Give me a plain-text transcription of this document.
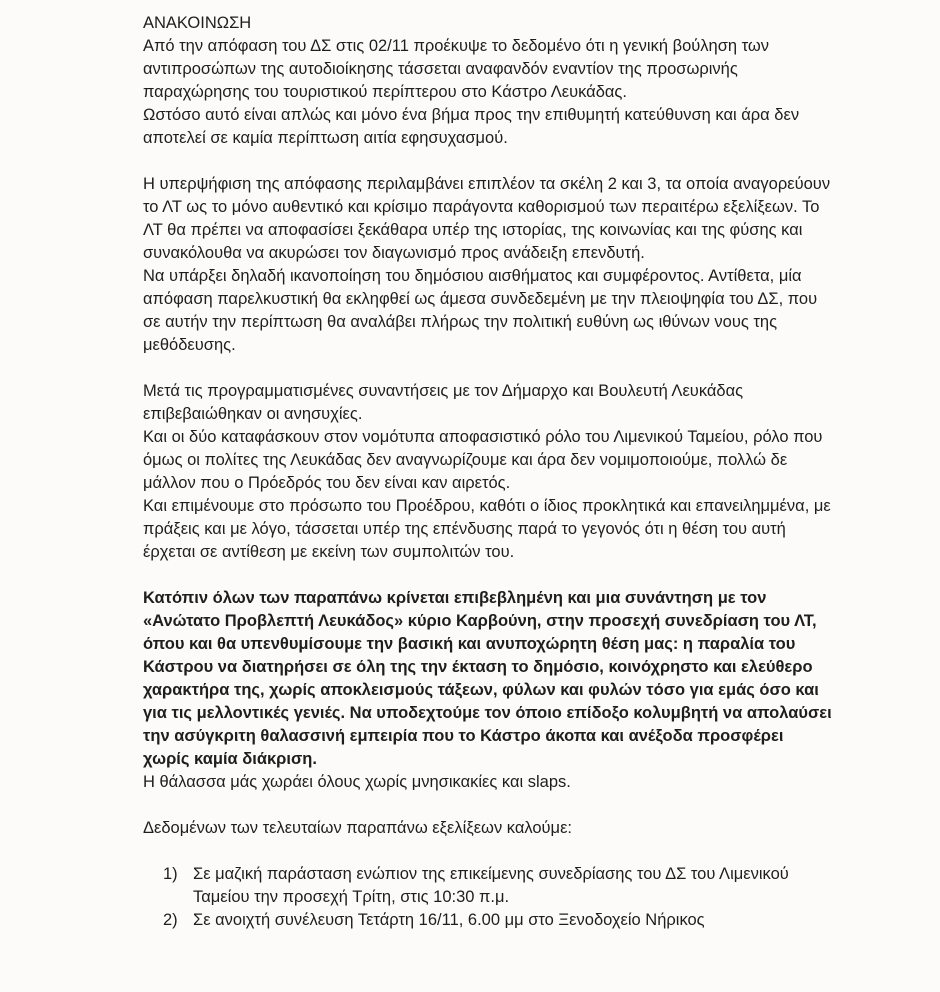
ΑΝΑΚΟΙΝΩΣΗ

Από την απόφαση του ΔΣ στις 02/11 προέκυψε το δεδομένο ότι η γενική βούληση των αντιπροσώπων της αυτοδιοίκησης τάσσεται αναφανδόν εναντίον της προσωρινής παραχώρησης του τουριστικού περίπτερου στο Κάστρο Λευκάδας.
Ωστόσο αυτό είναι απλώς και μόνο ένα βήμα προς την επιθυμητή κατεύθυνση και άρα δεν αποτελεί σε καμία περίπτωση αιτία εφησυχασμού.

Η υπερψήφιση της απόφασης περιλαμβάνει επιπλέον τα σκέλη 2 και 3, τα οποία αναγορεύουν το ΛΤ ως το μόνο αυθεντικό και κρίσιμο παράγοντα καθορισμού των περαιτέρω εξελίξεων. Το ΛΤ θα πρέπει να αποφασίσει ξεκάθαρα υπέρ της ιστορίας, της κοινωνίας και της φύσης και συνακόλουθα να ακυρώσει τον διαγωνισμό προς ανάδειξη επενδυτή.
Να υπάρξει δηλαδή ικανοποίηση του δημόσιου αισθήματος και συμφέροντος. Αντίθετα, μία απόφαση παρελκυστική θα εκληφθεί ως άμεσα συνδεδεμένη με την πλειοψηφία του ΔΣ, που σε αυτήν την περίπτωση θα αναλάβει πλήρως την πολιτική ευθύνη ως ιθύνων νους της μεθόδευσης.

Μετά τις προγραμματισμένες συναντήσεις με τον Δήμαρχο και Βουλευτή Λευκάδας επιβεβαιώθηκαν οι ανησυχίες.
Και οι δύο καταφάσκουν στον νομότυπα αποφασιστικό ρόλο του Λιμενικού Ταμείου, ρόλο που όμως οι πολίτες της Λευκάδας δεν αναγνωρίζουμε και άρα δεν νομιμοποιούμε, πολλώ δε μάλλον που ο Πρόεδρός του δεν είναι καν αιρετός.
Και επιμένουμε στο πρόσωπο του Προέδρου, καθότι ο ίδιος προκλητικά και επανειλημμένα, με πράξεις και με λόγο, τάσσεται υπέρ της επένδυσης παρά το γεγονός ότι η θέση του αυτή έρχεται σε αντίθεση με εκείνη των συμπολιτών του.

Κατόπιν όλων των παραπάνω κρίνεται επιβεβλημένη και μια συνάντηση με τον «Ανώτατο Προβλεπτή Λευκάδος» κύριο Καρβούνη, στην προσεχή συνεδρίαση του ΛΤ, όπου και θα υπενθυμίσουμε την βασική και ανυποχώρητη θέση μας: η παραλία του Κάστρου να διατηρήσει σε όλη της την έκταση το δημόσιο, κοινόχρηστο και ελεύθερο χαρακτήρα της, χωρίς αποκλεισμούς τάξεων, φύλων και φυλών τόσο για εμάς όσο και για τις μελλοντικές γενιές. Να υποδεχτούμε τον όποιο επίδοξο κολυμβητή να απολαύσει την ασύγκριτη θαλασσινή εμπειρία που το Κάστρο άκοπα και ανέξοδα προσφέρει χωρίς καμία διάκριση.
Η θάλασσα μάς χωράει όλους χωρίς μνησικακίες και slaps.

Δεδομένων των τελευταίων παραπάνω εξελίξεων καλούμε:

1) Σε μαζική παράσταση ενώπιον της επικείμενης συνεδρίασης του ΔΣ του Λιμενικού Ταμείου την προσεχή Τρίτη, στις 10:30 π.μ.
2) Σε ανοιχτή συνέλευση Τετάρτη 16/11, 6.00 μμ στο Ξενοδοχείο Νήρικος
